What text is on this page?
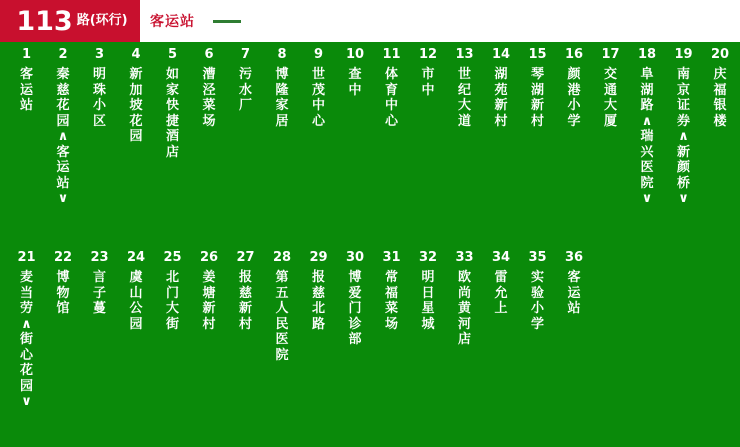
113 路(环行) 客运站
1
客运站
2
秦慈花园∧客运站∨
3
明珠小区
4
新加坡花园
5
如家快捷酒店
6
漕泾菜场
7
污水厂
8
博隆家居
9
世茂中心
10
查中
11
体育中心
12
市中
13
世纪大道
14
湖苑新村
15
琴湖新村
16
颜港小学
17
交通大厦
18
阜湖路∧瑞兴医院∨
19
南京证券∧新颜桥∨
20
庆福银楼
21
麦当劳∧街心花园∨
22
博物馆
23
言子蔓
24
虞山公园
25
北门大街
26
姜塘新村
27
报慈新村
28
第五人民医院
29
报慈北路
30
博爱门诊部
31
常福菜场
32
明日星城
33
欧尚黄河店
34
雷允上
35
实验小学
36
客运站
